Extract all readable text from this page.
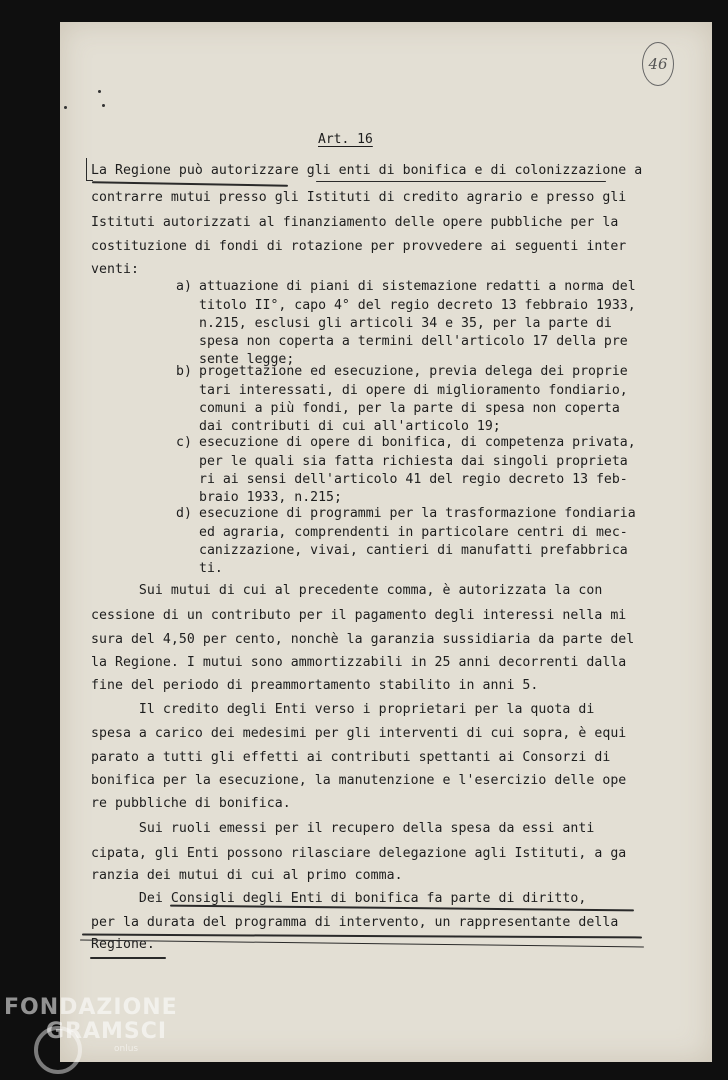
46
Art. 16
La Regione può autorizzare gli enti di bonifica e di colonizzazione a
contrarre mutui presso gli Istituti di credito agrario e presso gli
Istituti autorizzati al finanziamento delle opere pubbliche per la
costituzione di fondi di rotazione per provvedere ai seguenti inter
venti:
a) attuazione di piani di sistemazione redatti a norma del
titolo II°, capo 4° del regio decreto 13 febbraio 1933,
n.215, esclusi gli articoli 34 e 35, per la parte di
spesa non coperta a termini dell'articolo 17 della pre
sente legge;
b) progettazione ed esecuzione, previa delega dei proprie
tari interessati, di opere di miglioramento fondiario,
comuni a più fondi, per la parte di spesa non coperta
dai contributi di cui all'articolo 19;
c) esecuzione di opere di bonifica, di competenza privata,
per le quali sia fatta richiesta dai singoli proprieta
ri ai sensi dell'articolo 41 del regio decreto 13 feb-
braio 1933, n.215;
d) esecuzione di programmi per la trasformazione fondiaria
ed agraria, comprendenti in particolare centri di mec-
canizzazione, vivai, cantieri di manufatti prefabbrica
ti.
Sui mutui di cui al precedente comma, è autorizzata la con
cessione di un contributo per il pagamento degli interessi nella mi
sura del 4,50 per cento, nonchè la garanzia sussidiaria da parte del
la Regione. I mutui sono ammortizzabili in 25 anni decorrenti dalla
fine del periodo di preammortamento stabilito in anni 5.
Il credito degli Enti verso i proprietari per la quota di
spesa a carico dei medesimi per gli interventi di cui sopra, è equi
parato a tutti gli effetti ai contributi spettanti ai Consorzi di
bonifica per la esecuzione, la manutenzione e l'esercizio delle ope
re pubbliche di bonifica.
Sui ruoli emessi per il recupero della spesa da essi anti
cipata, gli Enti possono rilasciare delegazione agli Istituti, a ga
ranzia dei mutui di cui al primo comma.
Dei Consigli degli Enti di bonifica fa parte di diritto,
per la durata del programma di intervento, un rappresentante della
Regione.
FONDAZIONE
GRAMSCI
onlus
